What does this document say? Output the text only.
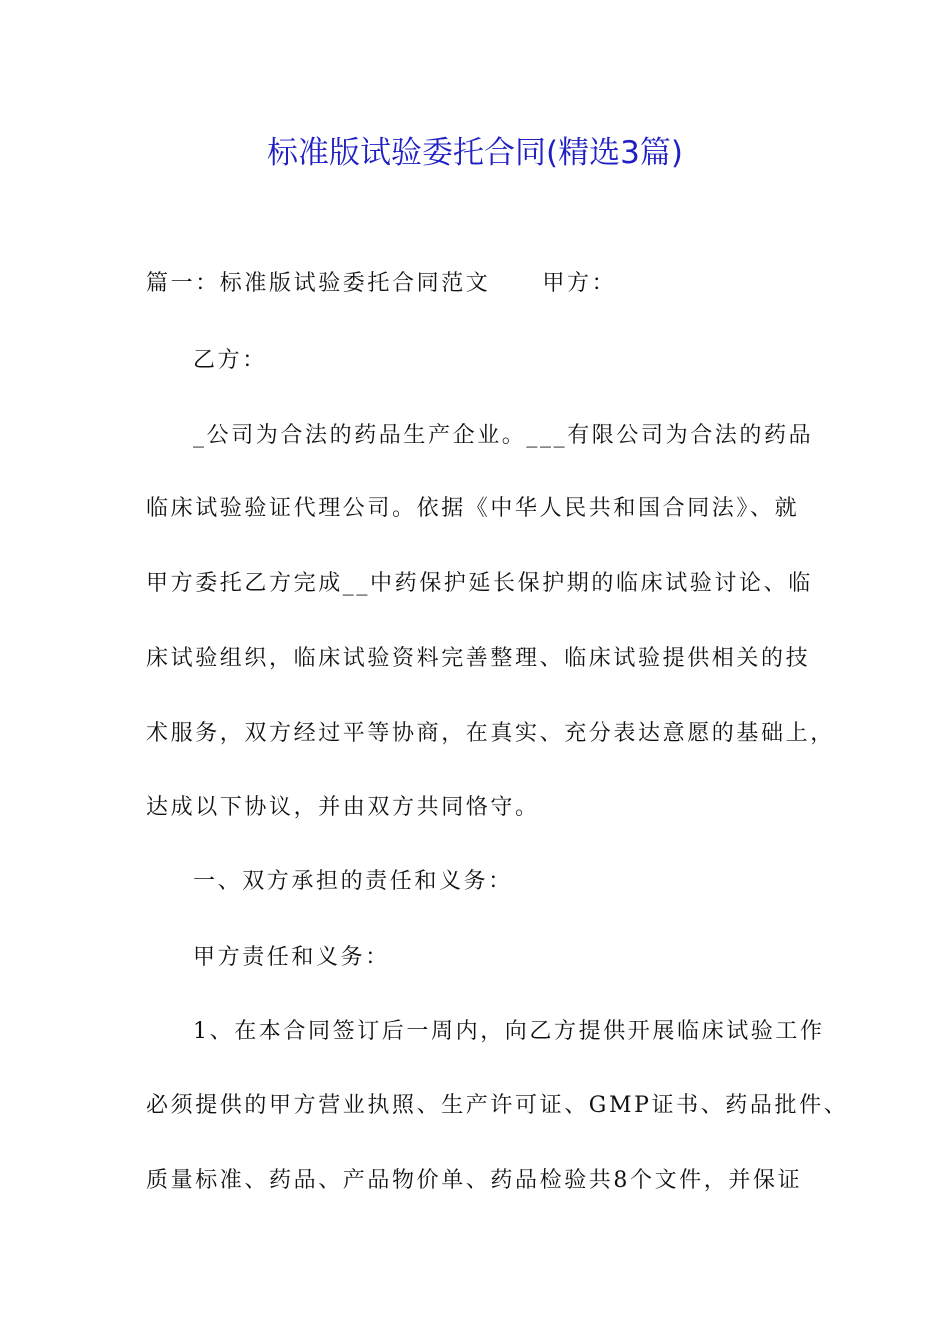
标准版试验委托合同(精选3篇)
篇一：标准版试验委托合同范文 甲方：
乙方：
_公司为合法的药品生产企业。___有限公司为合法的药品
临床试验验证代理公司。依据《中华人民共和国合同法》、就
甲方委托乙方完成__中药保护延长保护期的临床试验讨论、临
床试验组织，临床试验资料完善整理、临床试验提供相关的技
术服务，双方经过平等协商，在真实、充分表达意愿的基础上，
达成以下协议，并由双方共同恪守。
一、双方承担的责任和义务：
甲方责任和义务：
1、在本合同签订后一周内，向乙方提供开展临床试验工作
必须提供的甲方营业执照、生产许可证、GMP证书、药品批件、
质量标准、药品、产品物价单、药品检验共8个文件，并保证
